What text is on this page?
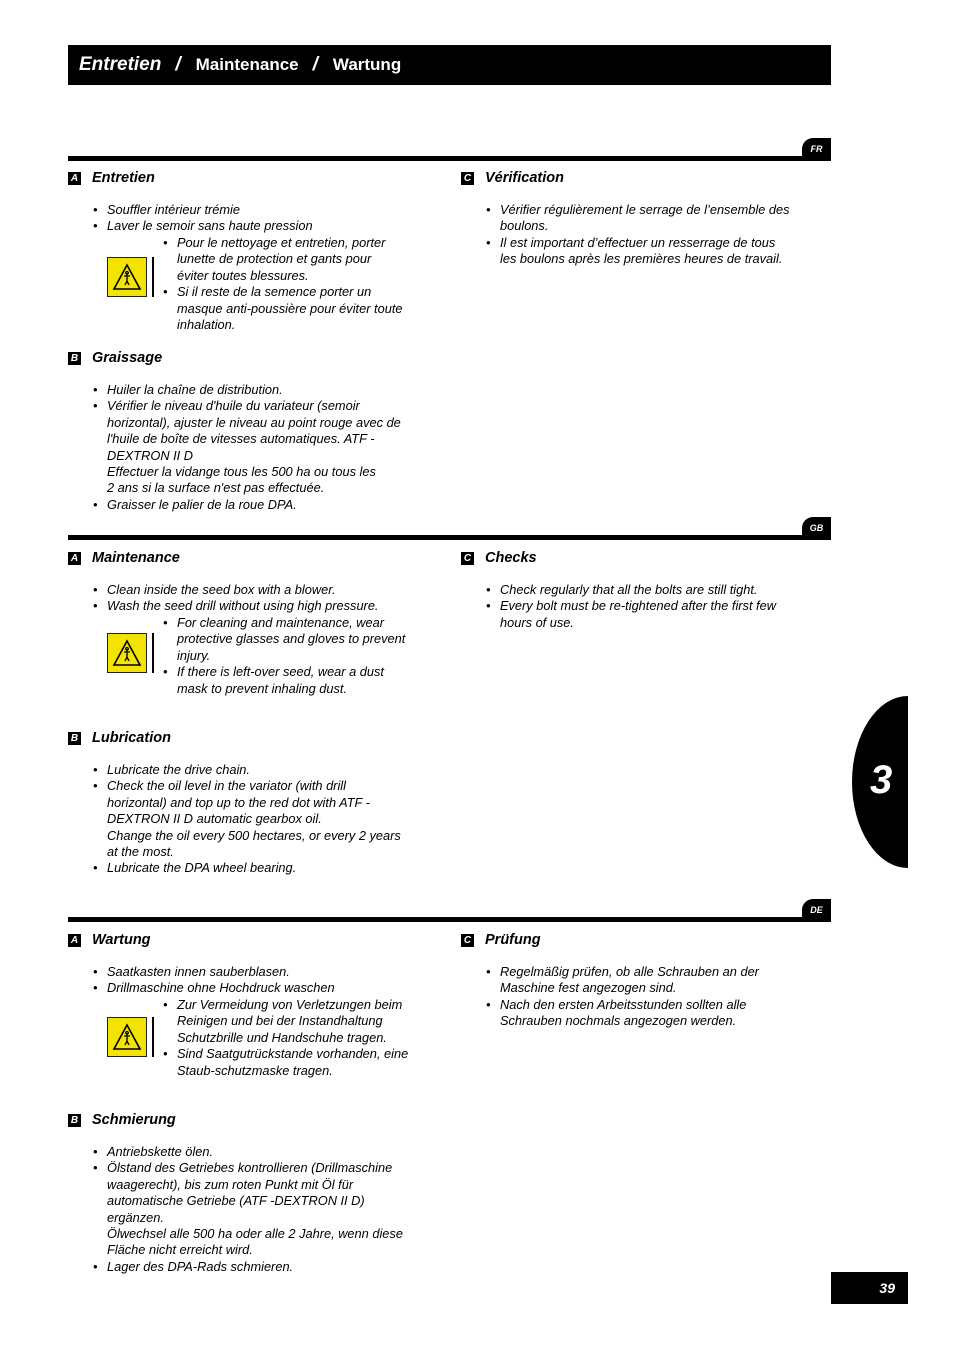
Entretien / Maintenance / Wartung
FR
A Entretien
• Souffler intérieur trémie
• Laver le semoir sans haute pression
• Pour le nettoyage et entretien, porter
lunette de protection et gants pour
éviter toutes blessures.
• Si il reste de la semence porter un
masque anti-poussière pour éviter toute
inhalation.
B Graissage
• Huiler la chaîne de distribution.
• Vérifier le niveau d'huile du variateur (semoir
horizontal), ajuster le niveau au point rouge avec de
l'huile de boîte de vitesses automatiques. ATF -
DEXTRON II D
Effectuer la vidange tous les 500 ha ou tous les
2 ans si la surface n'est pas effectuée.
• Graisser le palier de la roue DPA.
C Vérification
• Vérifier régulièrement le serrage de l’ensemble des
boulons.
• Il est important d’effectuer un resserrage de tous
les boulons après les premières heures de travail.
GB
A Maintenance
• Clean inside the seed box with a blower.
• Wash the seed drill without using high pressure.
• For cleaning and maintenance, wear
protective glasses and gloves to prevent
injury.
• If there is left-over seed, wear a dust
mask to prevent inhaling dust.
B Lubrication
• Lubricate the drive chain.
• Check the oil level in the variator (with drill
horizontal) and top up to the red dot with ATF -
DEXTRON II D automatic gearbox oil.
Change the oil every 500 hectares, or every 2 years
at the most.
• Lubricate the DPA wheel bearing.
C Checks
• Check regularly that all the bolts are still tight.
• Every bolt must be re-tightened after the first few
hours of use.
DE
A Wartung
• Saatkasten innen sauberblasen.
• Drillmaschine ohne Hochdruck waschen
• Zur Vermeidung von Verletzungen beim
Reinigen und bei der Instandhaltung
Schutzbrille und Handschuhe tragen.
• Sind Saatgutrückstande vorhanden, eine
Staub-schutzmaske tragen.
B Schmierung
• Antriebskette ölen.
• Ölstand des Getriebes kontrollieren (Drillmaschine
waagerecht), bis zum roten Punkt mit Öl für
automatische Getriebe (ATF -DEXTRON II D)
ergänzen.
Ölwechsel alle 500 ha oder alle 2 Jahre, wenn diese
Fläche nicht erreicht wird.
• Lager des DPA-Rads schmieren.
C Prüfung
• Regelmäßig prüfen, ob alle Schrauben an der
Maschine fest angezogen sind.
• Nach den ersten Arbeitsstunden sollten alle
Schrauben nochmals angezogen werden.
3
39
